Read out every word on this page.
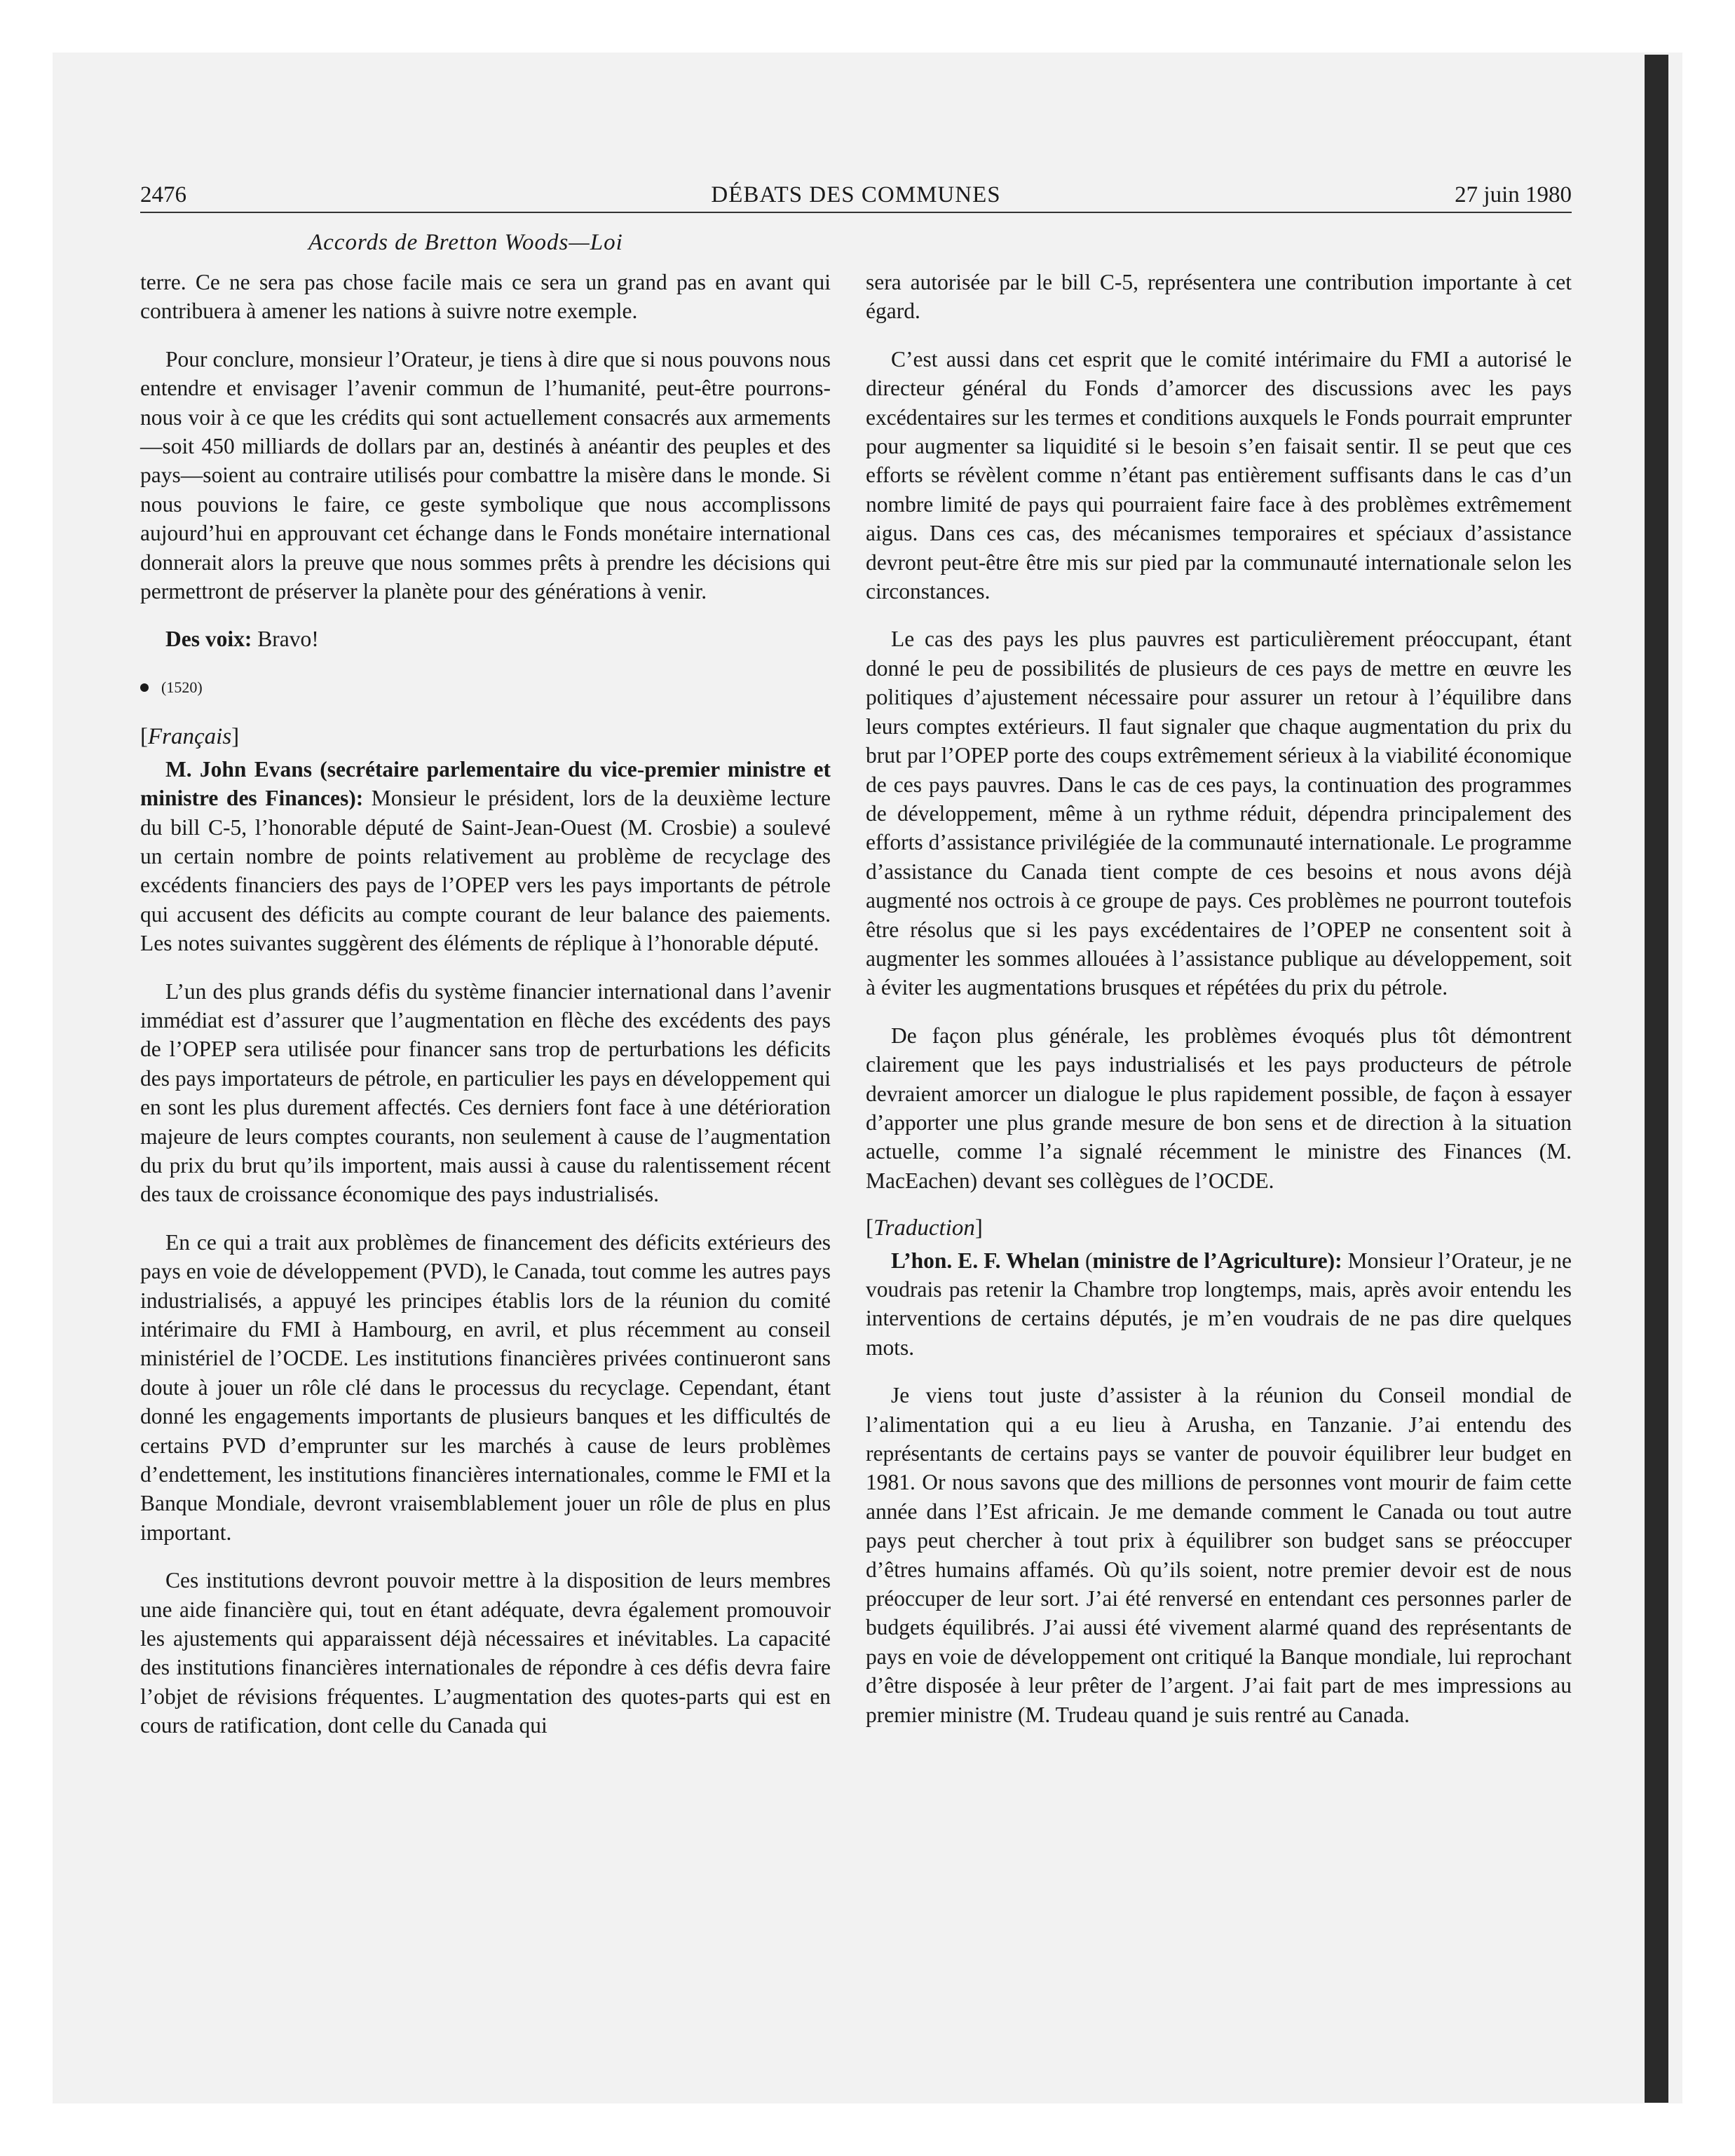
2476	DÉBATS DES COMMUNES	27 juin 1980
Accords de Bretton Woods—Loi

terre. Ce ne sera pas chose facile mais ce sera un grand pas en avant qui contribuera à amener les nations à suivre notre exemple.

Pour conclure, monsieur l’Orateur, je tiens à dire que si nous pouvons nous entendre et envisager l’avenir commun de l’humanité, peut-être pourrons-nous voir à ce que les crédits qui sont actuellement consacrés aux armements—soit 450 milliards de dollars par an, destinés à anéantir des peuples et des pays—soient au contraire utilisés pour combattre la misère dans le monde. Si nous pouvions le faire, ce geste symbolique que nous accomplissons aujourd’hui en approuvant cet échange dans le Fonds monétaire international donnerait alors la preuve que nous sommes prêts à prendre les décisions qui permettront de préserver la planète pour des générations à venir.

Des voix: Bravo!

(1520)
[Français]

M. John Evans (secrétaire parlementaire du vice-premier ministre et ministre des Finances): Monsieur le président, lors de la deuxième lecture du bill C-5, l’honorable député de Saint-Jean-Ouest (M. Crosbie) a soulevé un certain nombre de points relativement au problème de recyclage des excédents financiers des pays de l’OPEP vers les pays importants de pétrole qui accusent des déficits au compte courant de leur balance des paiements. Les notes suivantes suggèrent des éléments de réplique à l’honorable député.

L’un des plus grands défis du système financier international dans l’avenir immédiat est d’assurer que l’augmentation en flèche des excédents des pays de l’OPEP sera utilisée pour financer sans trop de perturbations les déficits des pays importateurs de pétrole, en particulier les pays en développement qui en sont les plus durement affectés. Ces derniers font face à une détérioration majeure de leurs comptes courants, non seulement à cause de l’augmentation du prix du brut qu’ils importent, mais aussi à cause du ralentissement récent des taux de croissance économique des pays industrialisés.

En ce qui a trait aux problèmes de financement des déficits extérieurs des pays en voie de développement (PVD), le Canada, tout comme les autres pays industrialisés, a appuyé les principes établis lors de la réunion du comité intérimaire du FMI à Hambourg, en avril, et plus récemment au conseil ministériel de l’OCDE. Les institutions financières privées continueront sans doute à jouer un rôle clé dans le processus du recyclage. Cependant, étant donné les engagements importants de plusieurs banques et les difficultés de certains PVD d’emprunter sur les marchés à cause de leurs problèmes d’endettement, les institutions financières internationales, comme le FMI et la Banque Mondiale, devront vraisemblablement jouer un rôle de plus en plus important.

Ces institutions devront pouvoir mettre à la disposition de leurs membres une aide financière qui, tout en étant adéquate, devra également promouvoir les ajustements qui apparaissent déjà nécessaires et inévitables. La capacité des institutions financières internationales de répondre à ces défis devra faire l’objet de révisions fréquentes. L’augmentation des quotes-parts qui est en cours de ratification, dont celle du Canada qui

sera autorisée par le bill C-5, représentera une contribution importante à cet égard.

C’est aussi dans cet esprit que le comité intérimaire du FMI a autorisé le directeur général du Fonds d’amorcer des discussions avec les pays excédentaires sur les termes et conditions auxquels le Fonds pourrait emprunter pour augmenter sa liquidité si le besoin s’en faisait sentir. Il se peut que ces efforts se révèlent comme n’étant pas entièrement suffisants dans le cas d’un nombre limité de pays qui pourraient faire face à des problèmes extrêmement aigus. Dans ces cas, des mécanismes temporaires et spéciaux d’assistance devront peut-être être mis sur pied par la communauté internationale selon les circonstances.

Le cas des pays les plus pauvres est particulièrement préoccupant, étant donné le peu de possibilités de plusieurs de ces pays de mettre en œuvre les politiques d’ajustement nécessaire pour assurer un retour à l’équilibre dans leurs comptes extérieurs. Il faut signaler que chaque augmentation du prix du brut par l’OPEP porte des coups extrêmement sérieux à la viabilité économique de ces pays pauvres. Dans le cas de ces pays, la continuation des programmes de développement, même à un rythme réduit, dépendra principalement des efforts d’assistance privilégiée de la communauté internationale. Le programme d’assistance du Canada tient compte de ces besoins et nous avons déjà augmenté nos octrois à ce groupe de pays. Ces problèmes ne pourront toutefois être résolus que si les pays excédentaires de l’OPEP ne consentent soit à augmenter les sommes allouées à l’assistance publique au développement, soit à éviter les augmentations brusques et répétées du prix du pétrole.

De façon plus générale, les problèmes évoqués plus tôt démontrent clairement que les pays industrialisés et les pays producteurs de pétrole devraient amorcer un dialogue le plus rapidement possible, de façon à essayer d’apporter une plus grande mesure de bon sens et de direction à la situation actuelle, comme l’a signalé récemment le ministre des Finances (M. MacEachen) devant ses collègues de l’OCDE.

[Traduction]

L’hon. E. F. Whelan (ministre de l’Agriculture): Monsieur l’Orateur, je ne voudrais pas retenir la Chambre trop longtemps, mais, après avoir entendu les interventions de certains députés, je m’en voudrais de ne pas dire quelques mots.

Je viens tout juste d’assister à la réunion du Conseil mondial de l’alimentation qui a eu lieu à Arusha, en Tanzanie. J’ai entendu des représentants de certains pays se vanter de pouvoir équilibrer leur budget en 1981. Or nous savons que des millions de personnes vont mourir de faim cette année dans l’Est africain. Je me demande comment le Canada ou tout autre pays peut chercher à tout prix à équilibrer son budget sans se préoccuper d’êtres humains affamés. Où qu’ils soient, notre premier devoir est de nous préoccuper de leur sort. J’ai été renversé en entendant ces personnes parler de budgets équilibrés. J’ai aussi été vivement alarmé quand des représentants de pays en voie de développement ont critiqué la Banque mondiale, lui reprochant d’être disposée à leur prêter de l’argent. J’ai fait part de mes impressions au premier ministre (M. Trudeau quand je suis rentré au Canada.
